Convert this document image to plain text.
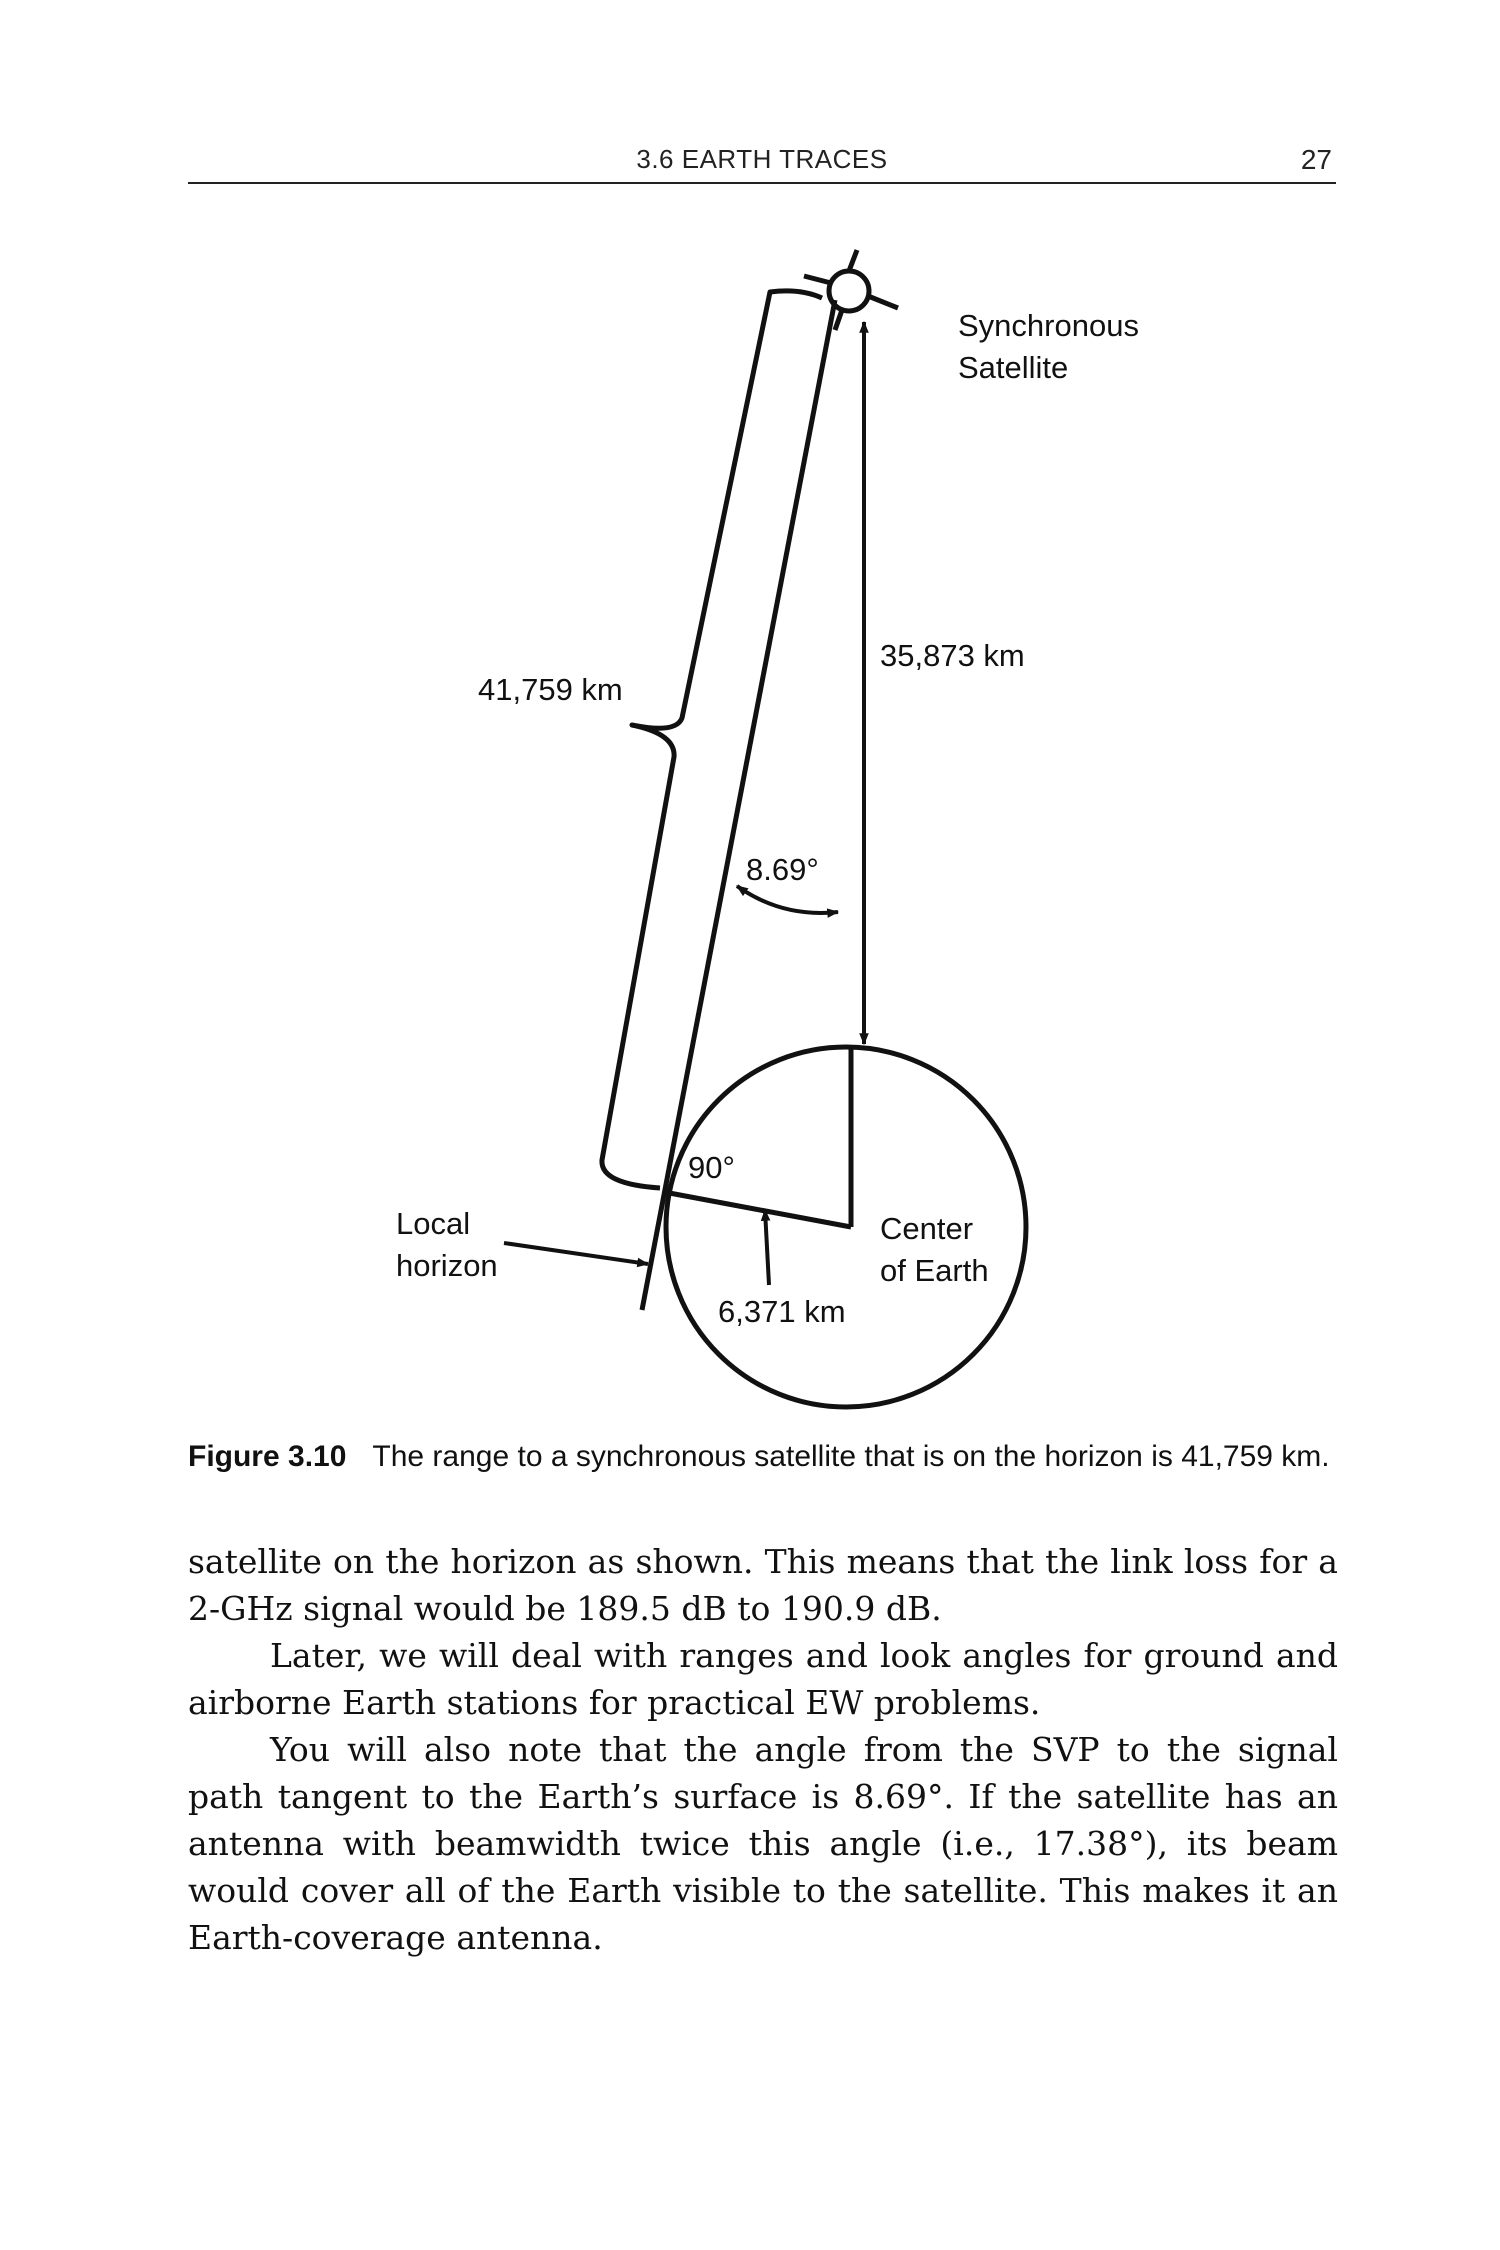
3.6 EARTH TRACES	27
Synchronous
Satellite
35,873 km
41,759 km
8.69°
90°
Local
horizon
Center
of Earth
6,371 km
Figure 3.10 The range to a synchronous satellite that is on the horizon is 41,759 km.

satellite on the horizon as shown. This means that the link loss for a 2-GHz signal would be 189.5 dB to 190.9 dB.

Later, we will deal with ranges and look angles for ground and airborne Earth stations for practical EW problems.

You will also note that the angle from the SVP to the signal path tangent to the Earth’s surface is 8.69°. If the satellite has an antenna with beamwidth twice this angle (i.e., 17.38°), its beam would cover all of the Earth visible to the satellite. This makes it an Earth-coverage antenna.
